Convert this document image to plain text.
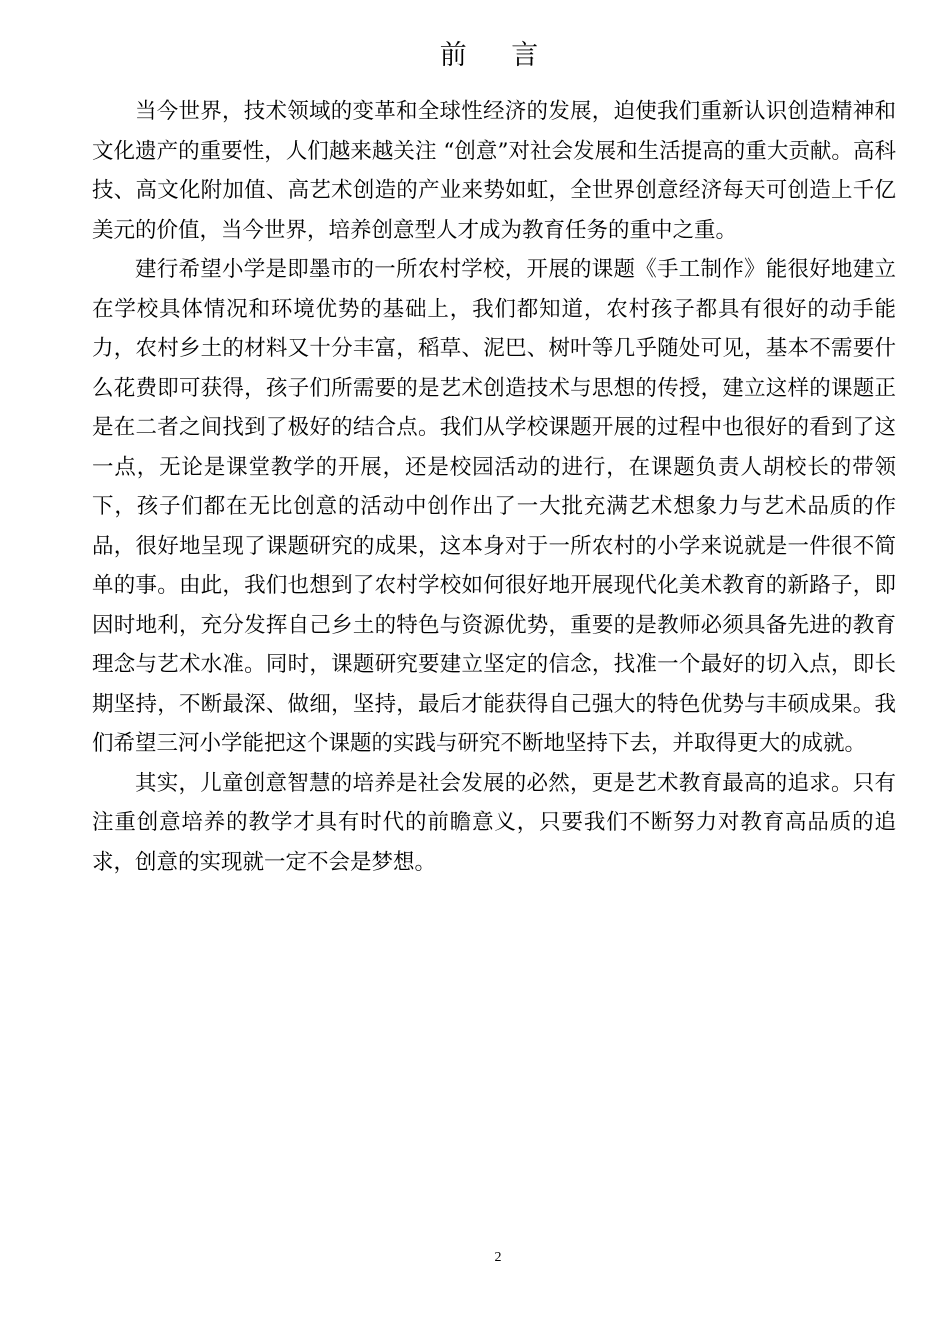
前 言

当今世界，技术领域的变革和全球性经济的发展，迫使我们重新认识创造精神和文化遗产的重要性，人们越来越关注 “创意”对社会发展和生活提高的重大贡献。高科技、高文化附加值、高艺术创造的产业来势如虹，全世界创意经济每天可创造上千亿美元的价值，当今世界，培养创意型人才成为教育任务的重中之重。

建行希望小学是即墨市的一所农村学校，开展的课题《手工制作》能很好地建立在学校具体情况和环境优势的基础上，我们都知道，农村孩子都具有很好的动手能力，农村乡土的材料又十分丰富，稻草、泥巴、树叶等几乎随处可见，基本不需要什么花费即可获得，孩子们所需要的是艺术创造技术与思想的传授，建立这样的课题正是在二者之间找到了极好的结合点。我们从学校课题开展的过程中也很好的看到了这一点，无论是课堂教学的开展，还是校园活动的进行，在课题负责人胡校长的带领下，孩子们都在无比创意的活动中创作出了一大批充满艺术想象力与艺术品质的作品，很好地呈现了课题研究的成果，这本身对于一所农村的小学来说就是一件很不简单的事。由此，我们也想到了农村学校如何很好地开展现代化美术教育的新路子，即因时地利，充分发挥自己乡土的特色与资源优势，重要的是教师必须具备先进的教育理念与艺术水准。同时，课题研究要建立坚定的信念，找准一个最好的切入点，即长期坚持，不断最深、做细，坚持，最后才能获得自己强大的特色优势与丰硕成果。我们希望三河小学能把这个课题的实践与研究不断地坚持下去，并取得更大的成就。

其实，儿童创意智慧的培养是社会发展的必然，更是艺术教育最高的追求。只有注重创意培养的教学才具有时代的前瞻意义，只要我们不断努力对教育高品质的追求，创意的实现就一定不会是梦想。

2
